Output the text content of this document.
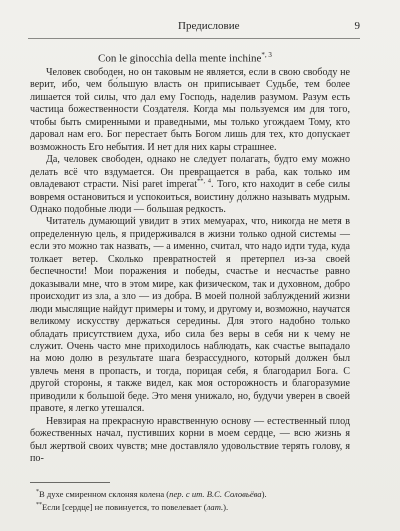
Предисловие	9
Con le ginocchia della mente inchine$^{*, 3}$

Человек свободен, но он таковым не является, если в свою свободу не верит, ибо, чем бо́льшую власть он приписывает Судьбе, тем более лишается той силы, что дал ему Господь, наделив разумом. Разум есть частица божественности Создателя. Когда мы пользуемся им для того, чтобы быть смиренными и праведными, мы только угождаем Тому, кто даровал нам его. Бог перестает быть Богом лишь для тех, кто допускает возможность Его небытия. И нет для них кары страшнее.

Да, человек свободен, однако не следует полагать, будто ему можно делать всё что вздумается. Он превращается в раба, как только им овладевают страсти. Nisi paret imperat$^{**, 4}$. Того, кто находит в себе силы вовремя остановиться и успокоиться, воистину до́лжно называть мудрым. Однако подобные люди — большая редкость.

Читатель думающий увидит в этих мемуарах, что, никогда не метя в определенную цель, я придерживался в жизни только одной системы — если это можно так назвать, — а именно, считал, что надо идти туда, куда толкает ветер. Сколько превратностей я претерпел из-за своей беспечности! Мои поражения и победы, счастье и несчастье равно доказывали мне, что в этом мире, как физическом, так и духовном, добро происходит из зла, а зло — из добра. В моей полной заблуждений жизни люди мыслящие найдут примеры и тому, и другому и, возможно, научатся великому искусству держаться середины. Для этого надобно только обладать присутствием духа, ибо сила без веры в себя ни к чему не служит. Очень часто мне приходилось наблюдать, как счастье выпадало на мою долю в результате шага безрассудного, который должен был увлечь меня в пропасть, и тогда, порицая себя, я благодарил Бога. С другой стороны, я также видел, как моя осторожность и благоразумие приводили к большой беде. Это меня унижало, но, будучи уверен в своей правоте, я легко утешался.

Невзирая на прекрасную нравственную основу — естественный плод божественных начал, пустивших корни в моем сердце, — всю жизнь я был жертвой своих чувств; мне доставляло удовольствие терять голову, я по-

*В духе смиренном склоняя колена (пер. с ит. В.С. Соловьёва).
**Если [сердце] не повинуется, то повелевает (лат.).
